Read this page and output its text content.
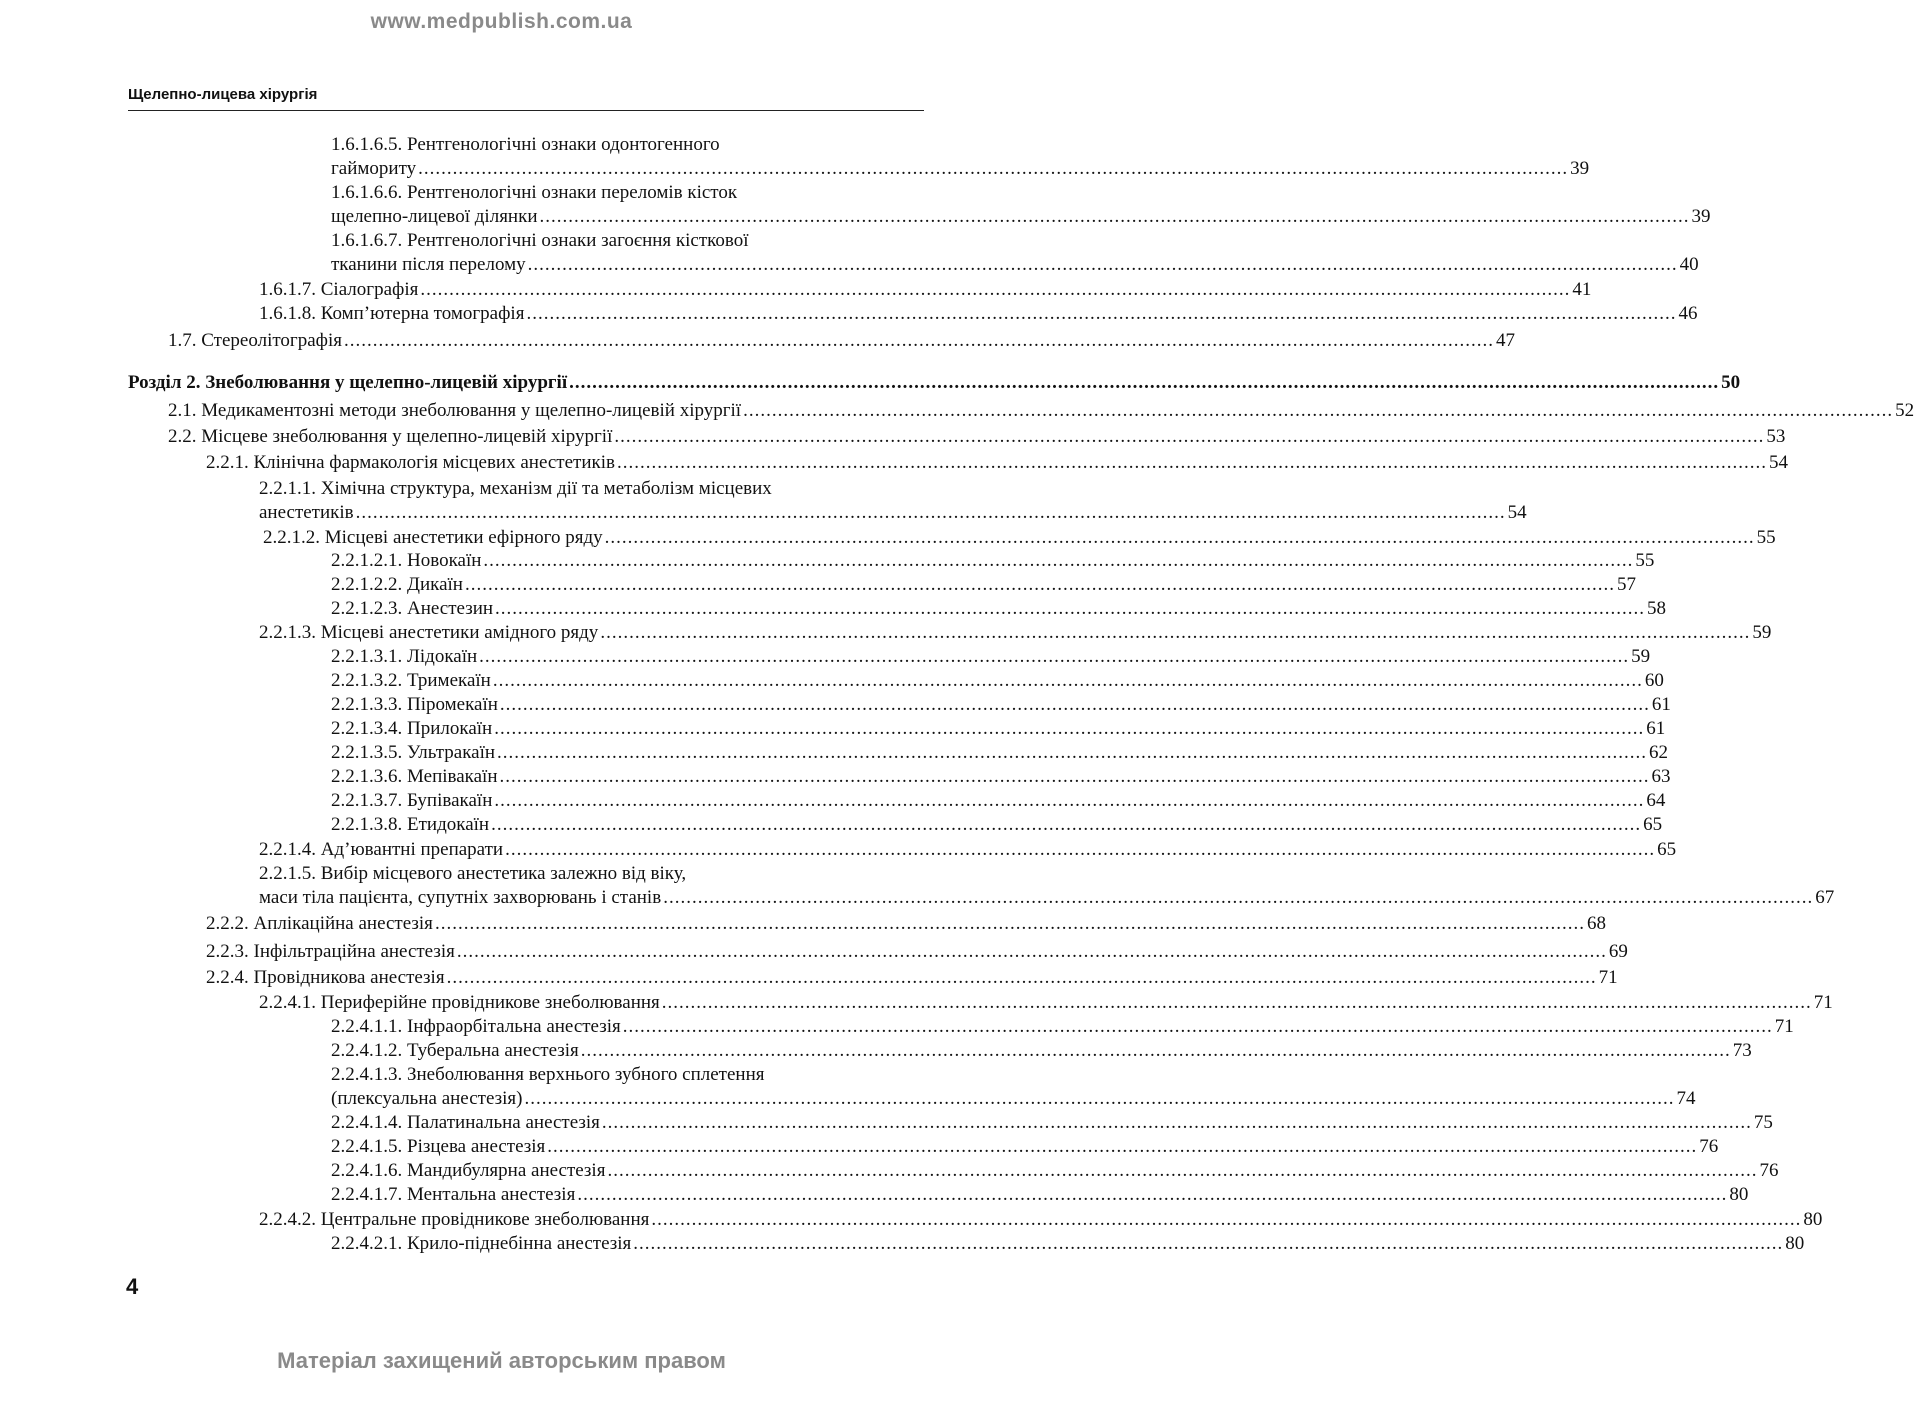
www.medpublish.com.ua
Щелепно-лицева хірургія
1.6.1.6.5. Рентгенологічні ознаки одонтогенного
гаймориту ........................................................................................................................................................................................................ 39
1.6.1.6.6. Рентгенологічні ознаки переломів кісток
щелепно-лицевої ділянки ........................................................................................................................................................................................................ 39
1.6.1.6.7. Рентгенологічні ознаки загоєння кісткової
тканини після перелому ........................................................................................................................................................................................................ 40
1.6.1.7. Сіалографія ........................................................................................................................................................................................................ 41
1.6.1.8. Комп’ютерна томографія ........................................................................................................................................................................................................ 46
1.7. Стереолітографія ........................................................................................................................................................................................................ 47
Розділ 2. Знеболювання у щелепно-лицевій хірургії ........................................................................................................................................................................................................ 50
2.1. Медикаментозні методи знеболювання у щелепно-лицевій хірургії ........................................................................................................................................................................................................ 52
2.2. Місцеве знеболювання у щелепно-лицевій хірургії ........................................................................................................................................................................................................ 53
2.2.1. Клінічна фармакологія місцевих анестетиків ........................................................................................................................................................................................................ 54
2.2.1.1. Хімічна структура, механізм дії та метаболізм місцевих
анестетиків ........................................................................................................................................................................................................ 54
2.2.1.2. Місцеві анестетики ефірного ряду ........................................................................................................................................................................................................ 55
2.2.1.2.1. Новокаїн ........................................................................................................................................................................................................ 55
2.2.1.2.2. Дикаїн ........................................................................................................................................................................................................ 57
2.2.1.2.3. Анестезин ........................................................................................................................................................................................................ 58
2.2.1.3. Місцеві анестетики амідного ряду ........................................................................................................................................................................................................ 59
2.2.1.3.1. Лідокаїн ........................................................................................................................................................................................................ 59
2.2.1.3.2. Тримекаїн ........................................................................................................................................................................................................ 60
2.2.1.3.3. Піромекаїн ........................................................................................................................................................................................................ 61
2.2.1.3.4. Прилокаїн ........................................................................................................................................................................................................ 61
2.2.1.3.5. Ультракаїн ........................................................................................................................................................................................................ 62
2.2.1.3.6. Мепівакаїн ........................................................................................................................................................................................................ 63
2.2.1.3.7. Бупівакаїн ........................................................................................................................................................................................................ 64
2.2.1.3.8. Етидокаїн ........................................................................................................................................................................................................ 65
2.2.1.4. Ад’ювантні препарати ........................................................................................................................................................................................................ 65
2.2.1.5. Вибір місцевого анестетика залежно від віку,
маси тіла пацієнта, супутніх захворювань і станів ........................................................................................................................................................................................................ 67
2.2.2. Аплікаційна анестезія ........................................................................................................................................................................................................ 68
2.2.3. Інфільтраційна анестезія ........................................................................................................................................................................................................ 69
2.2.4. Провідникова анестезія ........................................................................................................................................................................................................ 71
2.2.4.1. Периферійне провідникове знеболювання ........................................................................................................................................................................................................ 71
2.2.4.1.1. Інфраорбітальна анестезія ........................................................................................................................................................................................................ 71
2.2.4.1.2. Туберальна анестезія ........................................................................................................................................................................................................ 73
2.2.4.1.3. Знеболювання верхнього зубного сплетення
(плексуальна анестезія) ........................................................................................................................................................................................................ 74
2.2.4.1.4. Палатинальна анестезія ........................................................................................................................................................................................................ 75
2.2.4.1.5. Різцева анестезія ........................................................................................................................................................................................................ 76
2.2.4.1.6. Мандибулярна анестезія ........................................................................................................................................................................................................ 76
2.2.4.1.7. Ментальна анестезія ........................................................................................................................................................................................................ 80
2.2.4.2. Центральне провідникове знеболювання ........................................................................................................................................................................................................ 80
2.2.4.2.1. Крило-піднебінна анестезія ........................................................................................................................................................................................................ 80
4
Матеріал захищений авторським правом
